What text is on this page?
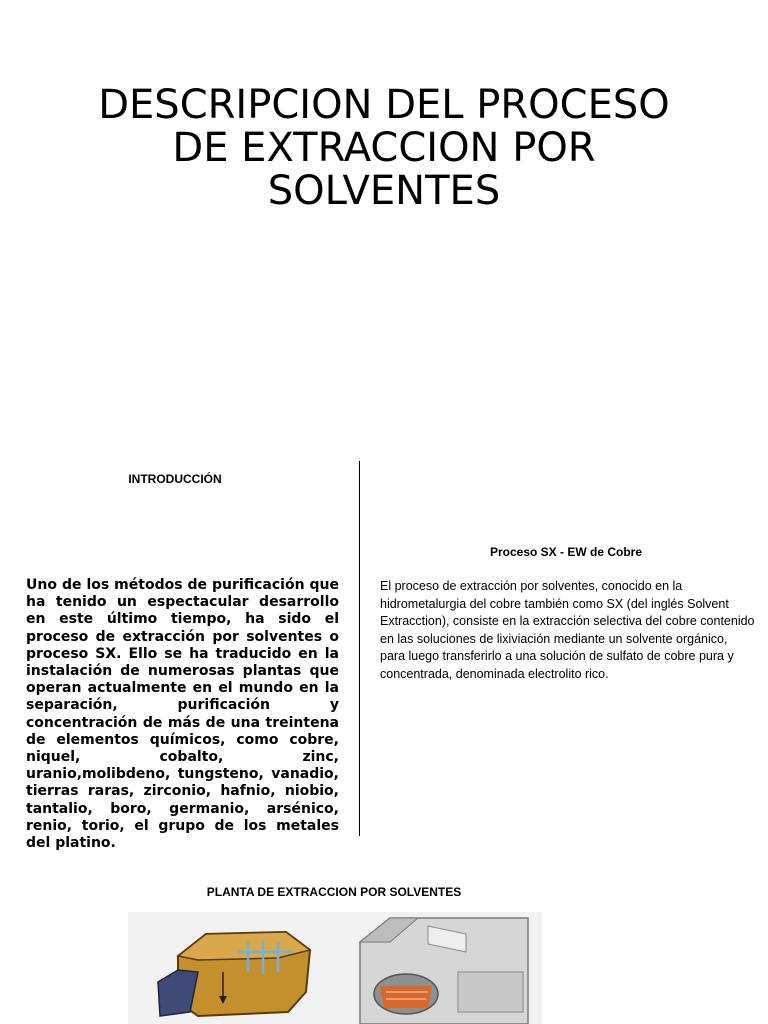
DESCRIPCION DEL PROCESO DE EXTRACCION POR SOLVENTES
INTRODUCCIÓN

Uno de los métodos de purificación que ha tenido un espectacular desarrollo en este último tiempo, ha sido el proceso de extracción por solventes o proceso SX. Ello se ha traducido en la instalación de numerosas plantas que operan actualmente en el mundo en la separación, purificación y concentración de más de una treintena de elementos químicos, como cobre, niquel, cobalto, zinc, uranio,molibdeno, tungsteno, vanadio, tierras raras, zirconio, hafnio, niobio, tantalio, boro, germanio, arsénico, renio, torio, el grupo de los metales del platino.

Proceso SX - EW de Cobre

El proceso de extracción por solventes, conocido en la hidrometalurgia del cobre también como SX (del inglés Solvent Extracction), consiste en la extracción selectiva del cobre contenido en las soluciones de lixiviación mediante un solvente orgánico, para luego transferirlo a una solución de sulfato de cobre pura y concentrada, denominada electrolito rico.

PLANTA DE EXTRACCION POR SOLVENTES
